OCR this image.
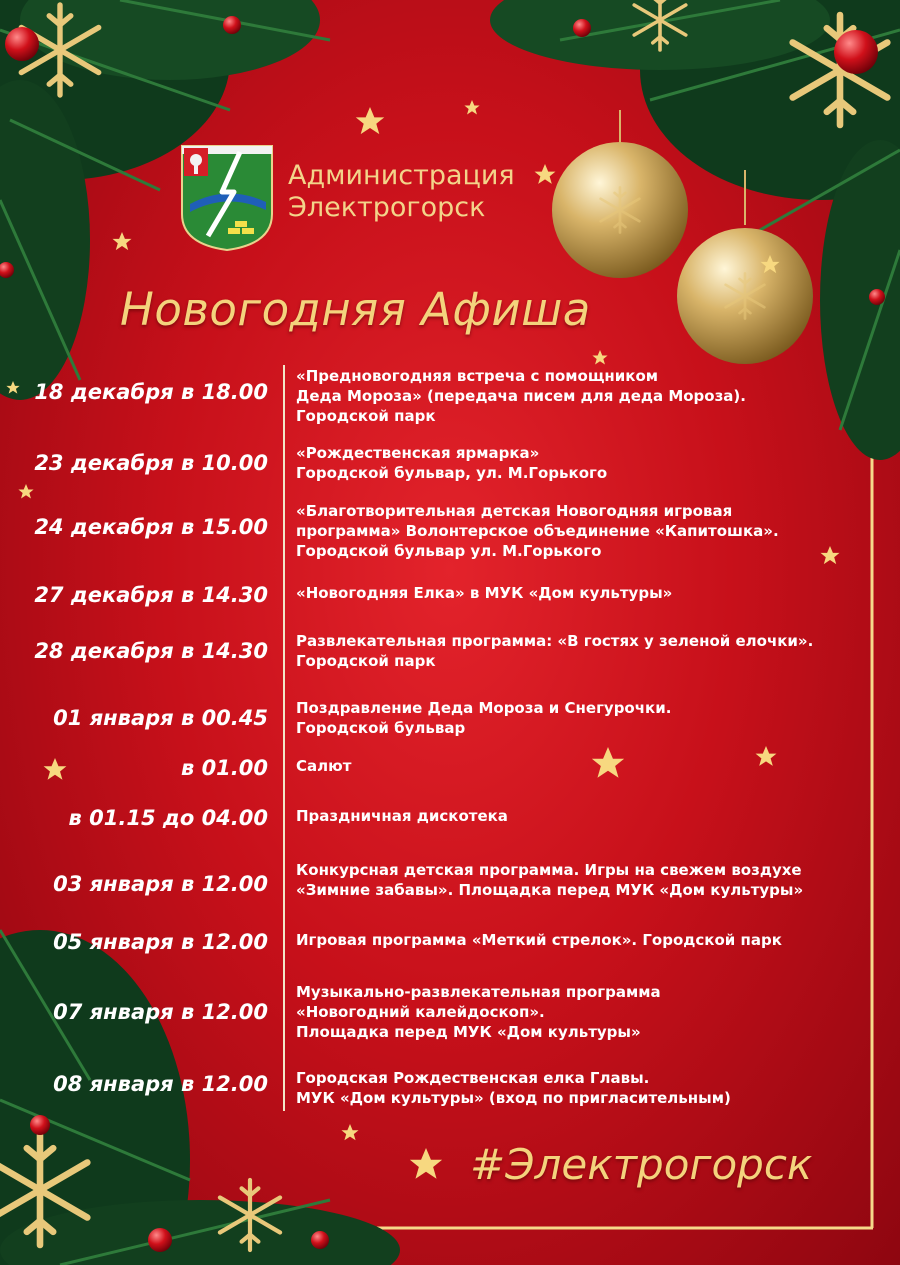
Администрация
Электрогорск
Новогодняя Афиша
18 декабря в 18.00
«Предновогодняя встреча с помощником
Деда Мороза» (передача писем для деда Мороза).
Городской парк
23 декабря в 10.00 «Рождественская ярмарка»
Городской бульвар, ул. М.Горького
24 декабря в 15.00
«Благотворительная детская Новогодняя игровая
программа» Волонтерское объединение «Капитошка».
Городской бульвар ул. М.Горького
27 декабря в 14.30 «Новогодняя Елка» в МУК «Дом культуры»
28 декабря в 14.30 Развлекательная программа: «В гостях у зеленой елочки».
Городской парк
01 января в 00.45 Поздравление Деда Мороза и Снегурочки.
Городской бульвар
в 01.00 Салют
в 01.15 до 04.00 Праздничная дискотека
03 января в 12.00
Конкурсная детская программа. Игры на свежем воздухе
«Зимние забавы». Площадка перед МУК «Дом культуры»
05 января в 12.00 Игровая программа «Меткий стрелок». Городской парк
07 января в 12.00
Музыкально-развлекательная программа
«Новогодний калейдоскоп».
Площадка перед МУК «Дом культуры»
08 января в 12.00 Городская Рождественская елка Главы.
МУК «Дом культуры» (вход по пригласительным)
#Электрогорск
